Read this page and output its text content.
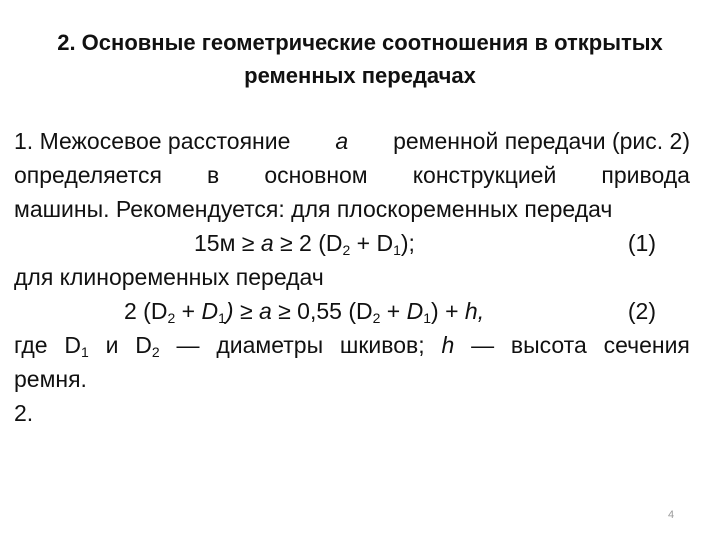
2. Основные геометрические соотношения в открытых
ременных передачах
1. Межосевое расстояние a ременной передачи (рис. 2)
определяется в основном конструкцией привода
машины. Рекомендуется: для плоскоременных передач
15м ≥ a ≥ 2 $(D_2 + D_1)$;	(1)
для клиноременных передач
2 $(D_2 + D_1) \ge a \ge 0,55$ $(D_2 + D_1) + h$,	(2)
где $D_1$ и $D_2$ — диаметры шкивов; h — высота сечения
ремня.
2.
4
